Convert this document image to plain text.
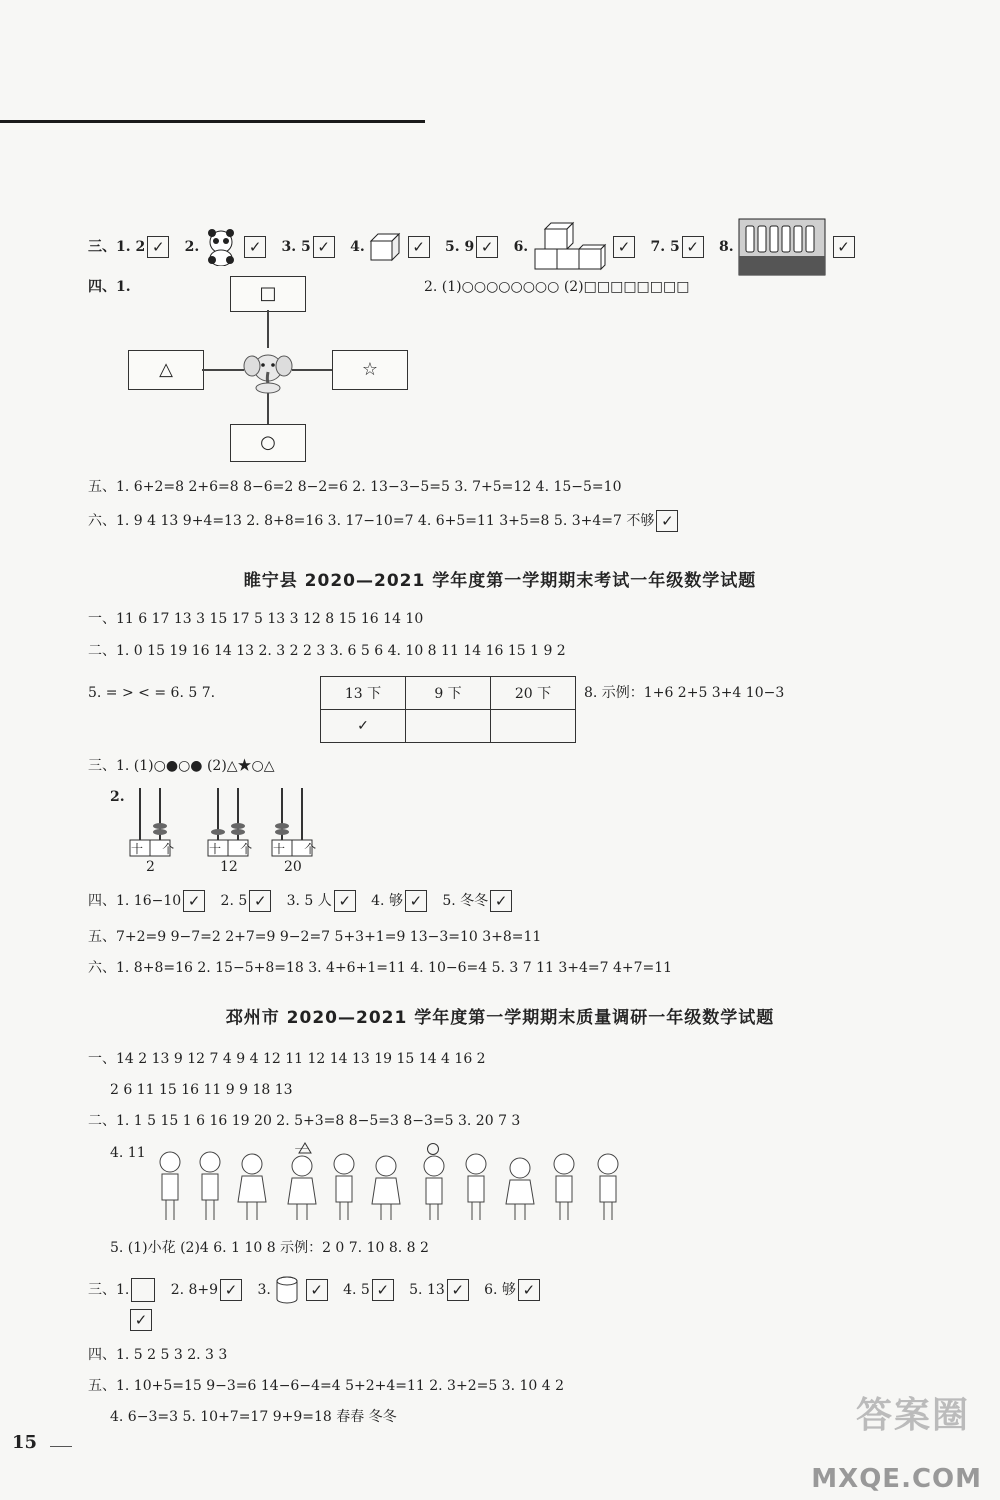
三、1. 2 ✓ 2.	✓ 3. 5 ✓ 4.	✓ 5. 9 ✓ 6.	✓ 7. 5 ✓ 8.	✓
四、1.	□
△	☆
○
2. (1)○○○○○○○○ (2)□□□□□□□□
五、1. 6+2=8 2+6=8 8−6=2 8−2=6 2. 13−3−5=5 3. 7+5=12 4. 15−5=10
六、1. 9 4 13 9+4=13 2. 8+8=16 3. 17−10=7 4. 6+5=11 3+5=8 5. 3+4=7 不够 ✓
睢宁县 2020—2021 学年度第一学期期末考试一年级数学试题
一、11 6 17 13 3 15 17 5 13 3 12 8 15 16 14 10
二、1. 0 15 19 16 14 13 2. 3 2 2 3 3. 6 5 6 4. 10 8 11 14 16 15 1 9 2
5. = > < = 6. 5 7.	13 下	9 下	20 下
✓		
8. 示例：1+6 2+5 3+4 10−3
三、1. (1)○●○● (2)△★○△
2.
十 个	十 个 十 个
2	12	20
四、1. 16−10 ✓ 2. 5 ✓ 3. 5 人 ✓ 4. 够 ✓ 5. 冬冬 ✓
五、7+2=9 9−7=2 2+7=9 9−2=7 5+3+1=9 13−3=10 3+8=11
六、1. 8+8=16 2. 15−5+8=18 3. 4+6+1=11 4. 10−6=4 5. 3 7 11 3+4=7 4+7=11
邳州市 2020—2021 学年度第一学期期末质量调研一年级数学试题
一、14 2 13 9 12 7 4 9 4 12 11 12 14 13 19 15 14 4 16 2
2 6 11 15 16 11 9 9 18 13
二、1. 1 5 15 1 6 16 19 20 2. 5+3=8 8−5=3 8−3=5 3. 20 7 3
4. 11
5. (1)小花 (2)4 6. 1 10 8 示例：2 0 7. 10 8. 8 2
三、1.	2. 8+9 ✓ 3.	✓ 4. 5 ✓ 5. 13 ✓ 6. 够 ✓
✓
四、1. 5 2 5 3 2. 3 3
五、1. 10+5=15 9−3=6 14−6−4=4 5+2+4=11 2. 3+2=5 3. 10 4 2
4. 6−3=3 5. 10+7=17 9+9=18 春春 冬冬
15
答案圈
MXQE.COM
